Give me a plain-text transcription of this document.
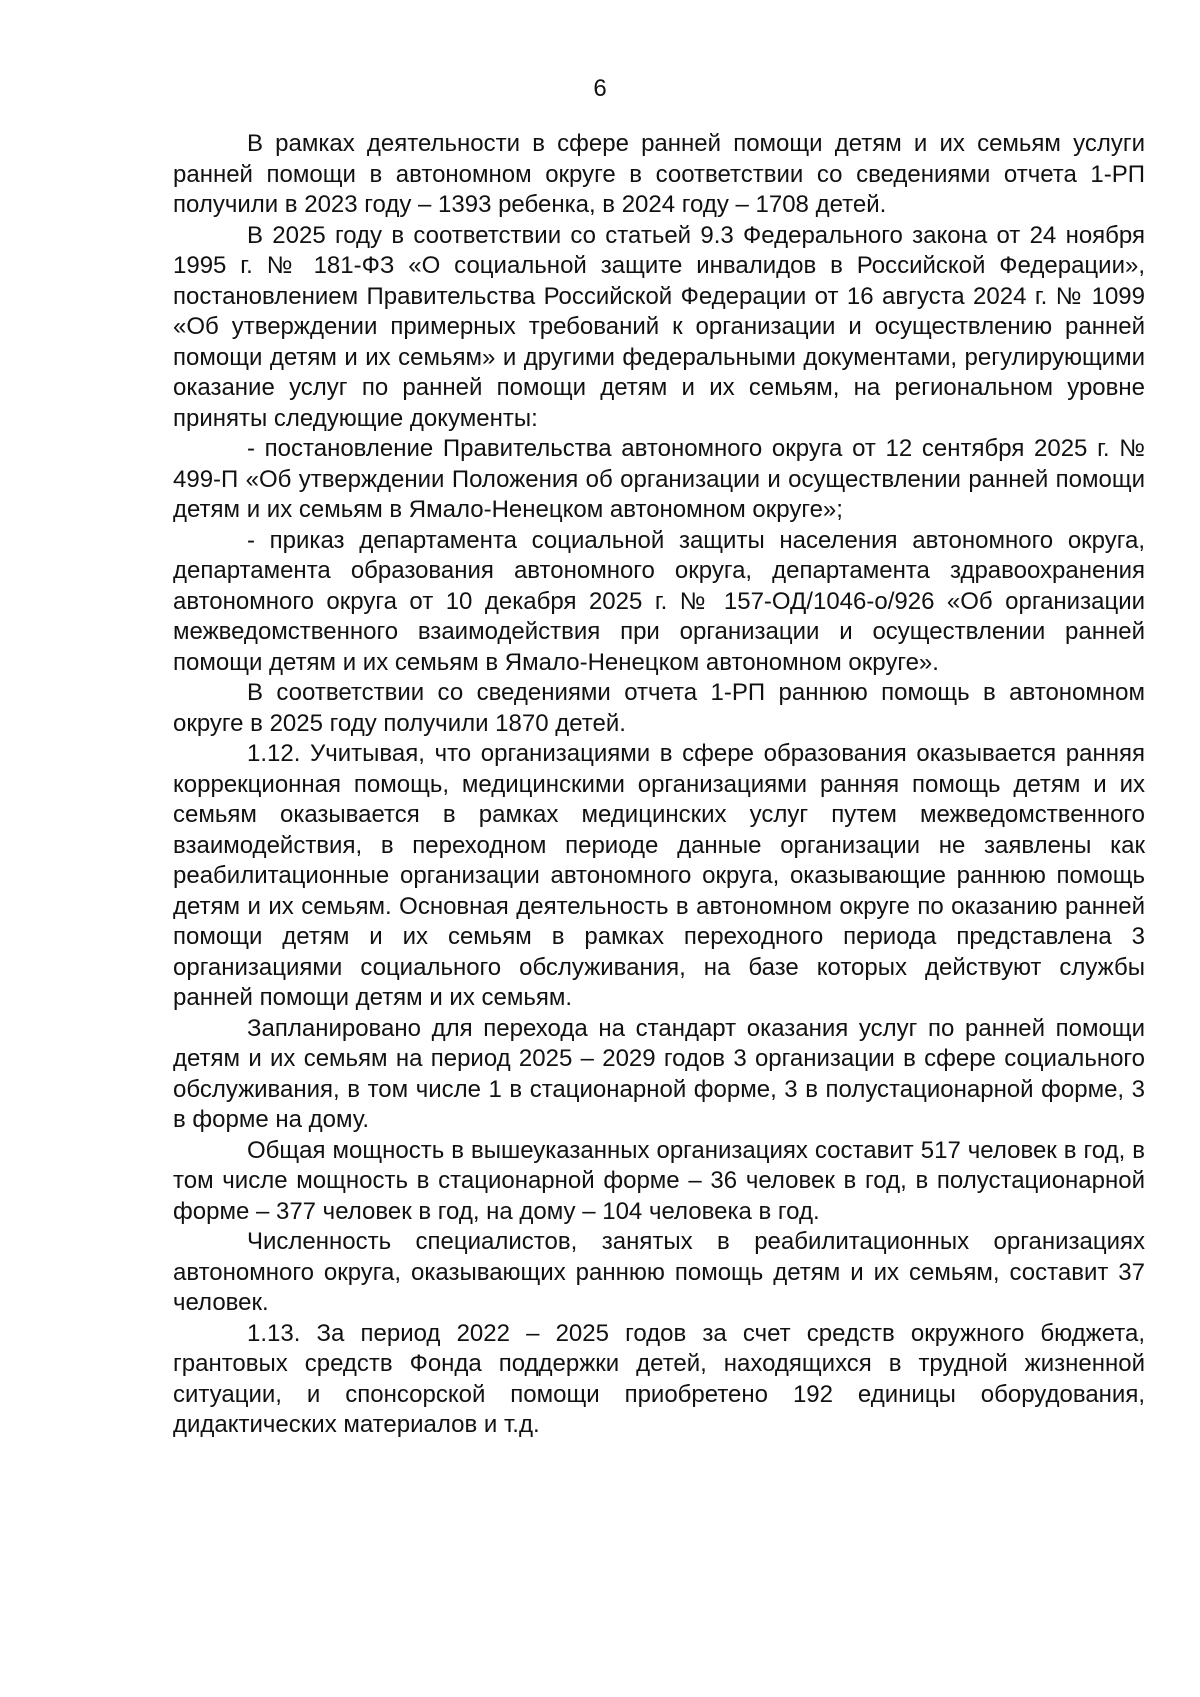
6

В рамках деятельности в сфере ранней помощи детям и их семьям услуги ранней помощи в автономном округе в соответствии со сведениями отчета 1-РП получили в 2023 году – 1393 ребенка, в 2024 году – 1708 детей.

В 2025 году в соответствии со статьей 9.3 Федерального закона от 24 ноября 1995 г. № 181-ФЗ «О социальной защите инвалидов в Российской Федерации», постановлением Правительства Российской Федерации от 16 августа 2024 г. № 1099 «Об утверждении примерных требований к организации и осуществлению ранней помощи детям и их семьям» и другими федеральными документами, регулирующими оказание услуг по ранней помощи детям и их семьям, на региональном уровне приняты следующие документы:

- постановление Правительства автономного округа от 12 сентября 2025 г. № 499-П «Об утверждении Положения об организации и осуществлении ранней помощи детям и их семьям в Ямало-Ненецком автономном округе»;

- приказ департамента социальной защиты населения автономного округа, департамента образования автономного округа, департамента здравоохранения автономного округа от 10 декабря 2025 г. № 157-ОД/1046-о/926 «Об организации межведомственного взаимодействия при организации и осуществлении ранней помощи детям и их семьям в Ямало-Ненецком автономном округе».

В соответствии со сведениями отчета 1-РП раннюю помощь в автономном округе в 2025 году получили 1870 детей.

1.12. Учитывая, что организациями в сфере образования оказывается ранняя коррекционная помощь, медицинскими организациями ранняя помощь детям и их семьям оказывается в рамках медицинских услуг путем межведомственного взаимодействия, в переходном периоде данные организации не заявлены как реабилитационные организации автономного округа, оказывающие раннюю помощь детям и их семьям. Основная деятельность в автономном округе по оказанию ранней помощи детям и их семьям в рамках переходного периода представлена 3 организациями социального обслуживания, на базе которых действуют службы ранней помощи детям и их семьям.

Запланировано для перехода на стандарт оказания услуг по ранней помощи детям и их семьям на период 2025 – 2029 годов 3 организации в сфере социального обслуживания, в том числе 1 в стационарной форме, 3 в полустационарной форме, 3 в форме на дому.

Общая мощность в вышеуказанных организациях составит 517 человек в год, в том числе мощность в стационарной форме – 36 человек в год, в полустационарной форме – 377 человек в год, на дому – 104 человека в год.

Численность специалистов, занятых в реабилитационных организациях автономного округа, оказывающих раннюю помощь детям и их семьям, составит 37 человек.

1.13. За период 2022 – 2025 годов за счет средств окружного бюджета, грантовых средств Фонда поддержки детей, находящихся в трудной жизненной ситуации, и спонсорской помощи приобретено 192 единицы оборудования, дидактических материалов и т.д.
